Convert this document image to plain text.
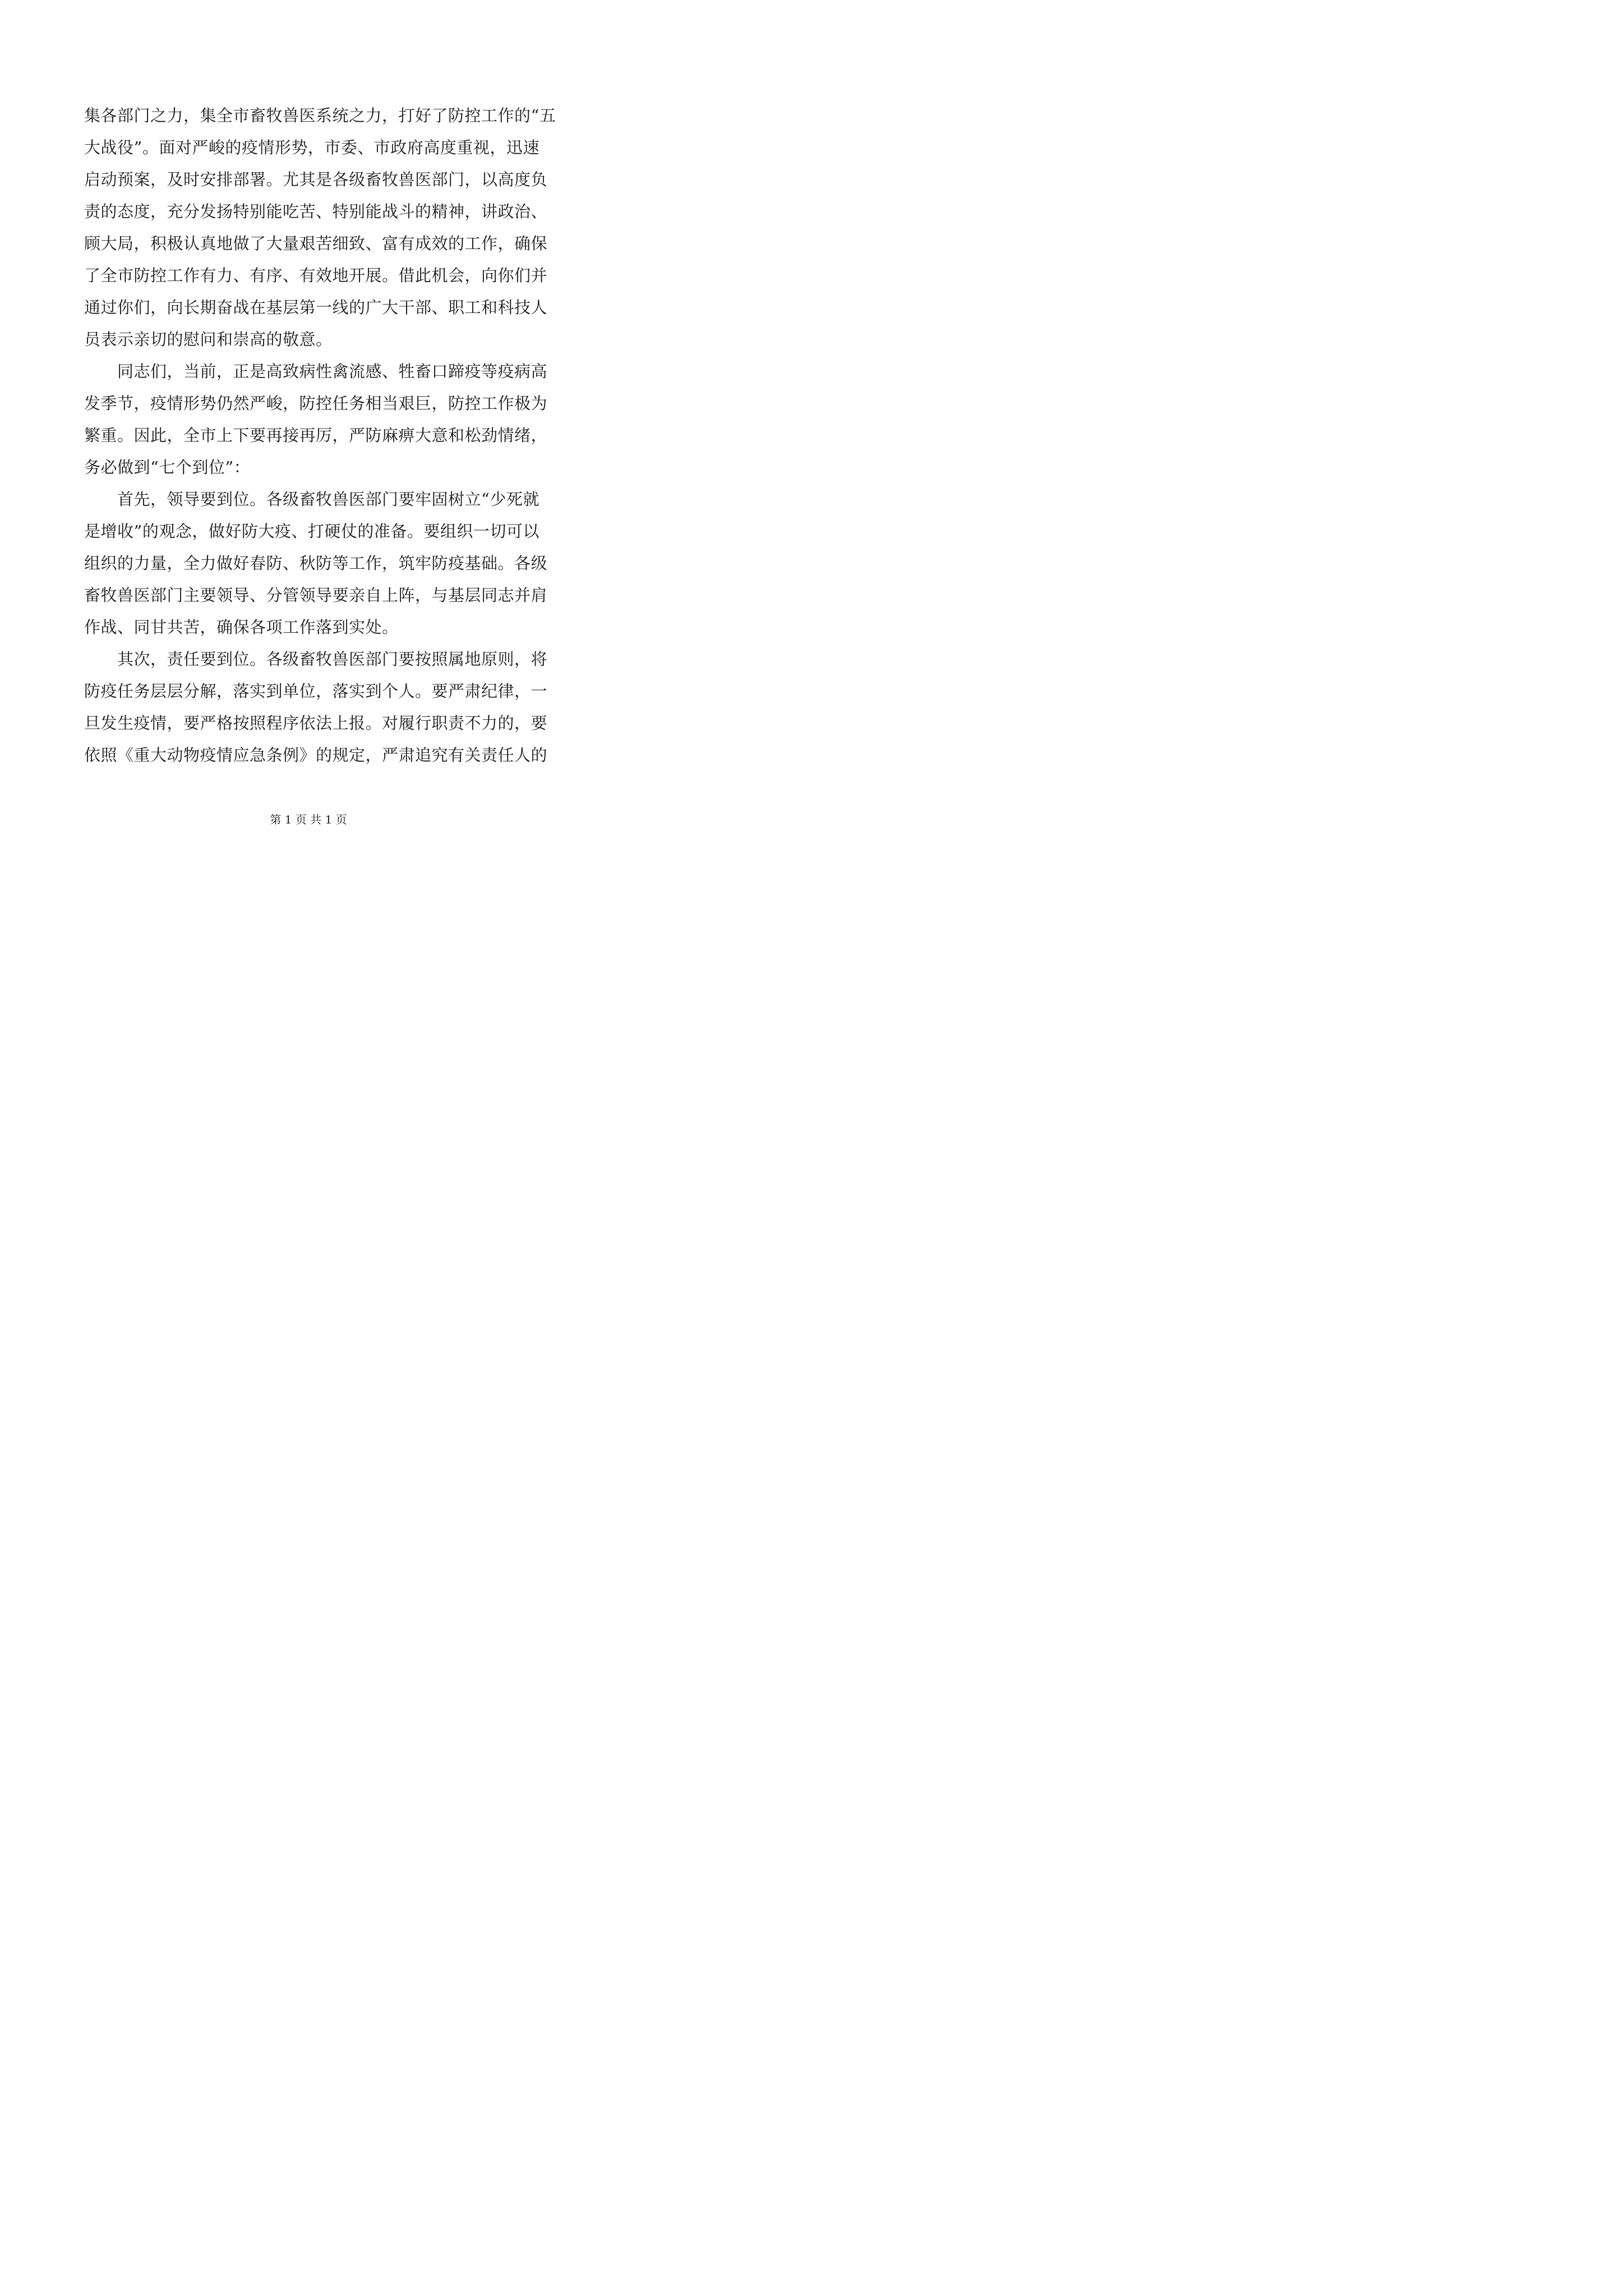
集各部门之力，集全市畜牧兽医系统之力，打好了防控工作的“五
大战役”。面对严峻的疫情形势，市委、市政府高度重视，迅速
启动预案，及时安排部署。尤其是各级畜牧兽医部门，以高度负
责的态度，充分发扬特别能吃苦、特别能战斗的精神，讲政治、
顾大局，积极认真地做了大量艰苦细致、富有成效的工作，确保
了全市防控工作有力、有序、有效地开展。借此机会，向你们并
通过你们，向长期奋战在基层第一线的广大干部、职工和科技人
员表示亲切的慰问和崇高的敬意。
　　同志们，当前，正是高致病性禽流感、牲畜口蹄疫等疫病高
发季节，疫情形势仍然严峻，防控任务相当艰巨，防控工作极为
繁重。因此，全市上下要再接再厉，严防麻痹大意和松劲情绪，
务必做到“七个到位”：
　　首先，领导要到位。各级畜牧兽医部门要牢固树立“少死就
是增收”的观念，做好防大疫、打硬仗的准备。要组织一切可以
组织的力量，全力做好春防、秋防等工作，筑牢防疫基础。各级
畜牧兽医部门主要领导、分管领导要亲自上阵，与基层同志并肩
作战、同甘共苦，确保各项工作落到实处。
　　其次，责任要到位。各级畜牧兽医部门要按照属地原则，将
防疫任务层层分解，落实到单位，落实到个人。要严肃纪律，一
旦发生疫情，要严格按照程序依法上报。对履行职责不力的，要
依照《重大动物疫情应急条例》的规定，严肃追究有关责任人的
第 1 页 共 1 页
